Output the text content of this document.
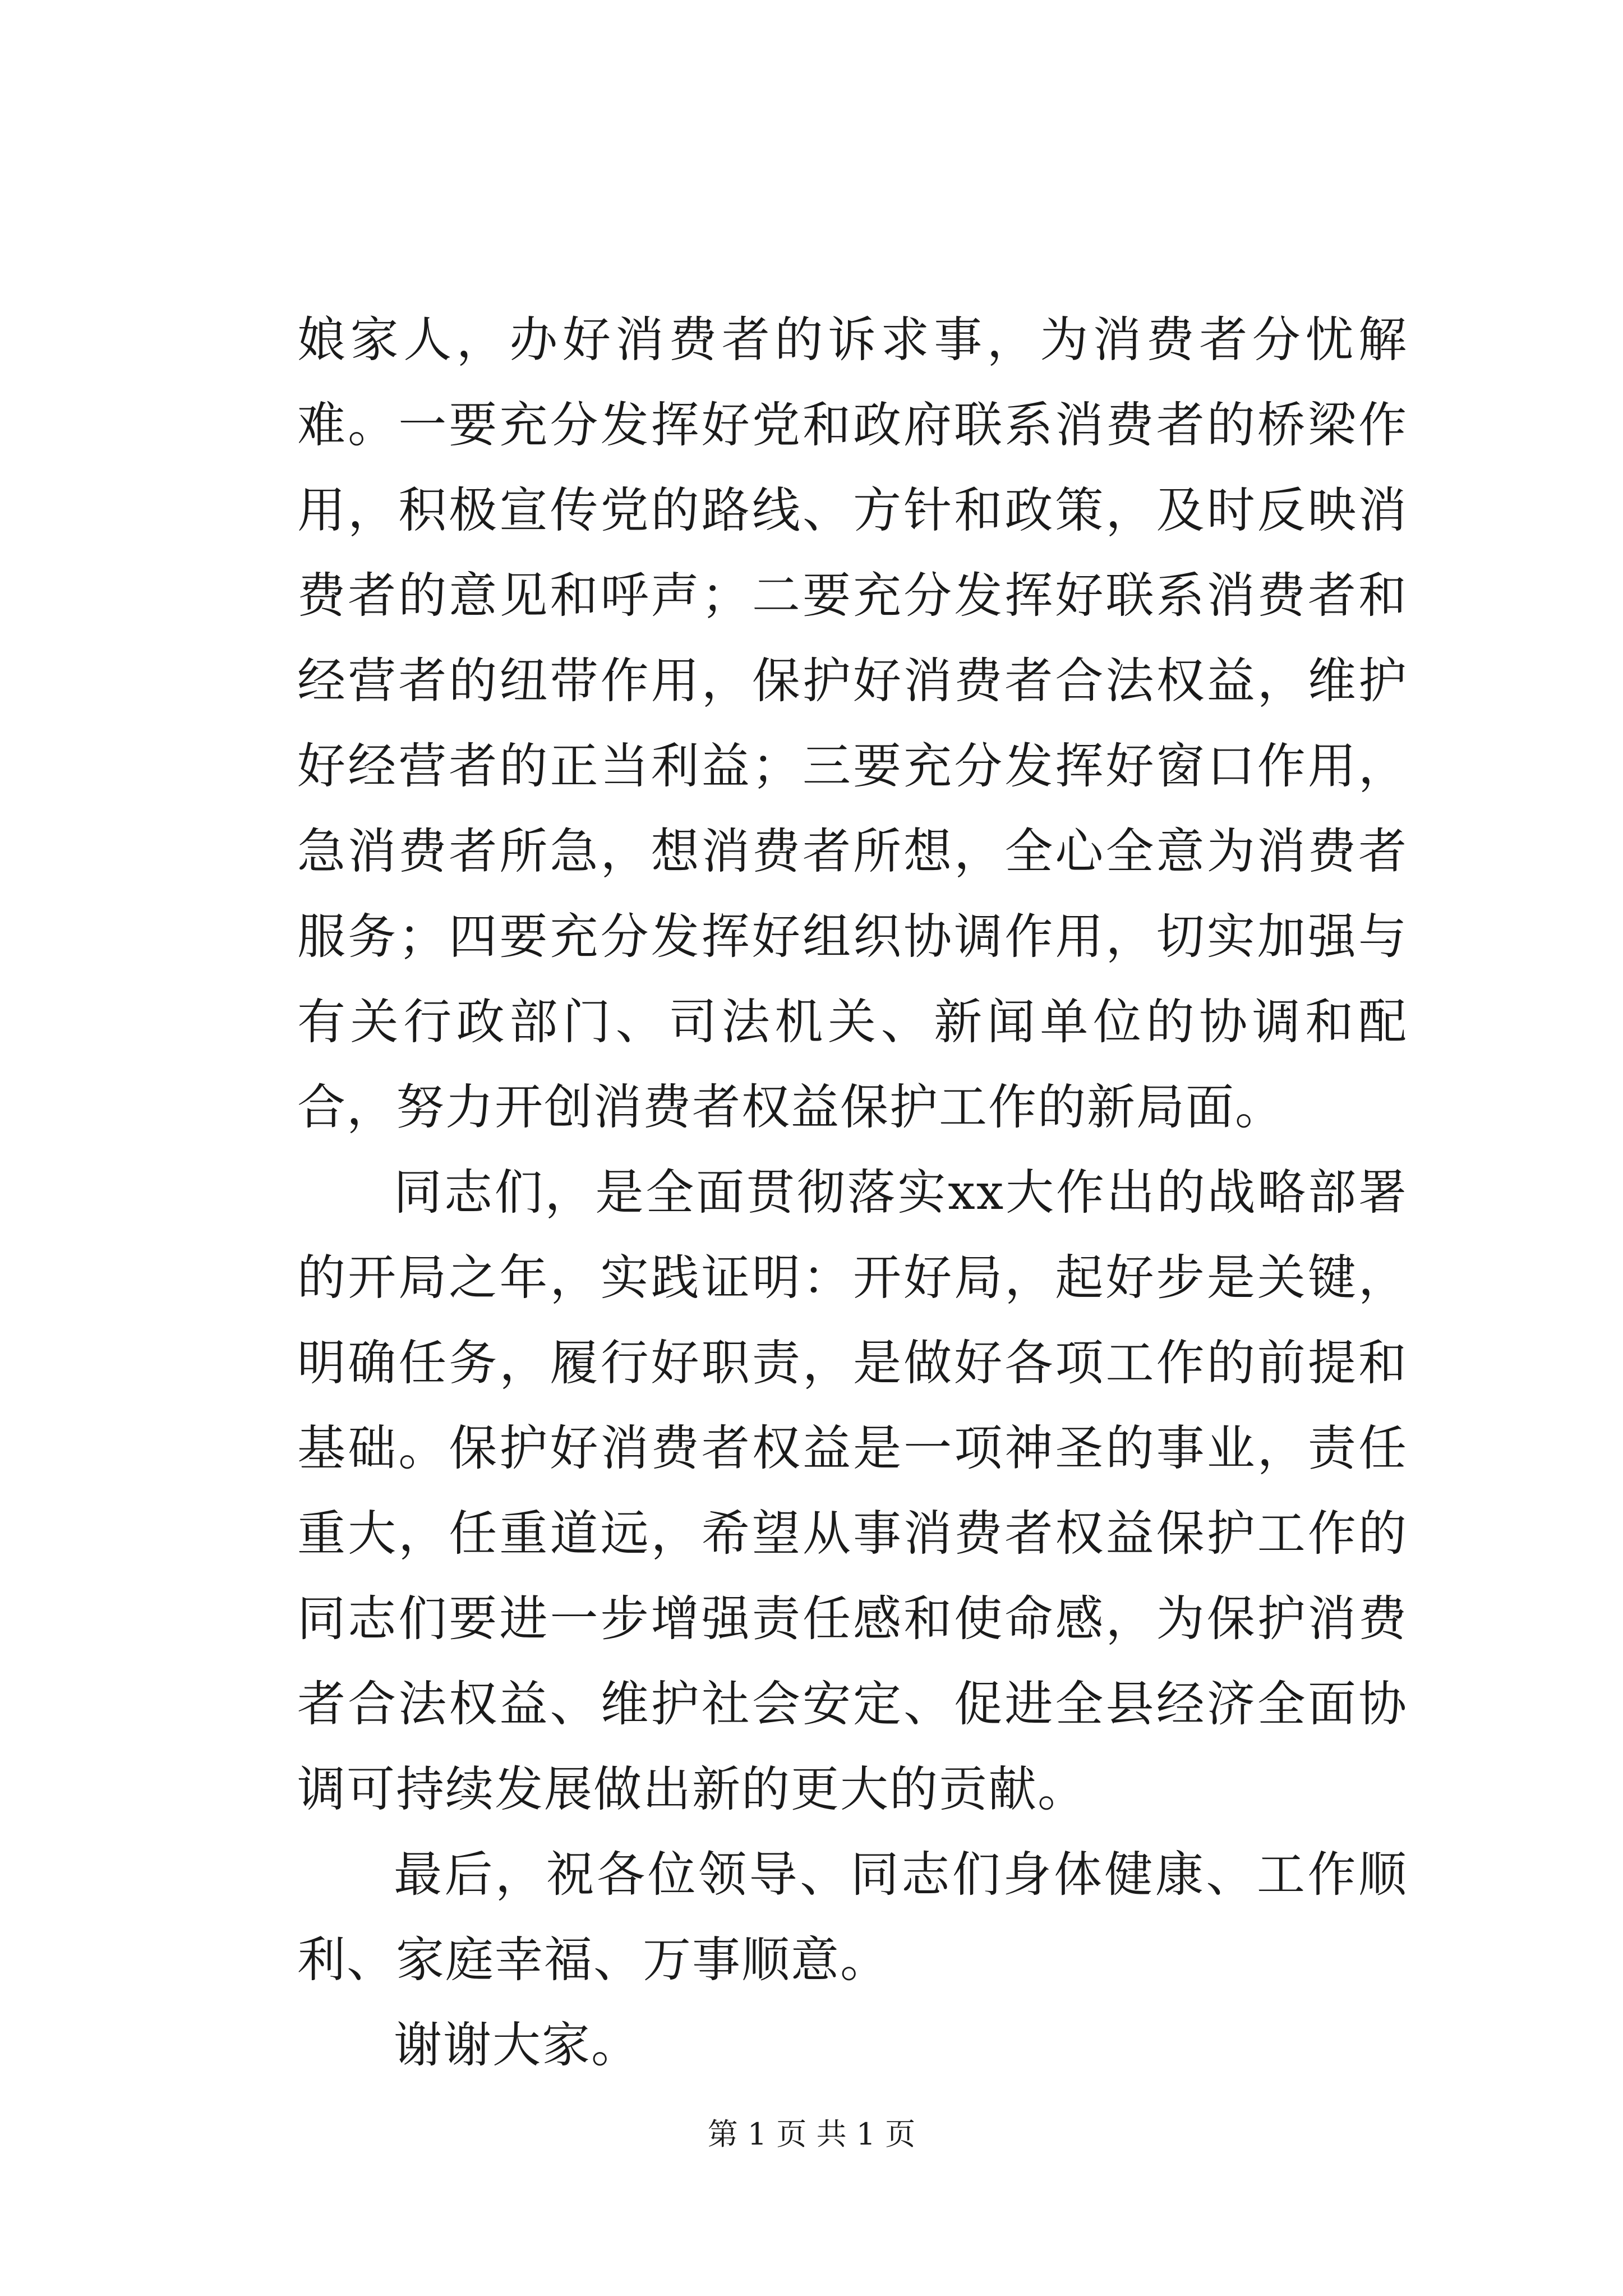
娘家人，办好消费者的诉求事，为消费者分忧解难。一要充分发挥好党和政府联系消费者的桥梁作用，积极宣传党的路线、方针和政策，及时反映消费者的意见和呼声；二要充分发挥好联系消费者和经营者的纽带作用，保护好消费者合法权益，维护好经营者的正当利益；三要充分发挥好窗口作用，急消费者所急，想消费者所想，全心全意为消费者服务；四要充分发挥好组织协调作用，切实加强与有关行政部门、司法机关、新闻单位的协调和配合，努力开创消费者权益保护工作的新局面。

同志们，是全面贯彻落实xx大作出的战略部署的开局之年，实践证明：开好局，起好步是关键，明确任务，履行好职责，是做好各项工作的前提和基础。保护好消费者权益是一项神圣的事业，责任重大，任重道远，希望从事消费者权益保护工作的同志们要进一步增强责任感和使命感，为保护消费者合法权益、维护社会安定、促进全县经济全面协调可持续发展做出新的更大的贡献。

最后，祝各位领导、同志们身体健康、工作顺利、家庭幸福、万事顺意。

谢谢大家。

第 1 页 共 1 页
